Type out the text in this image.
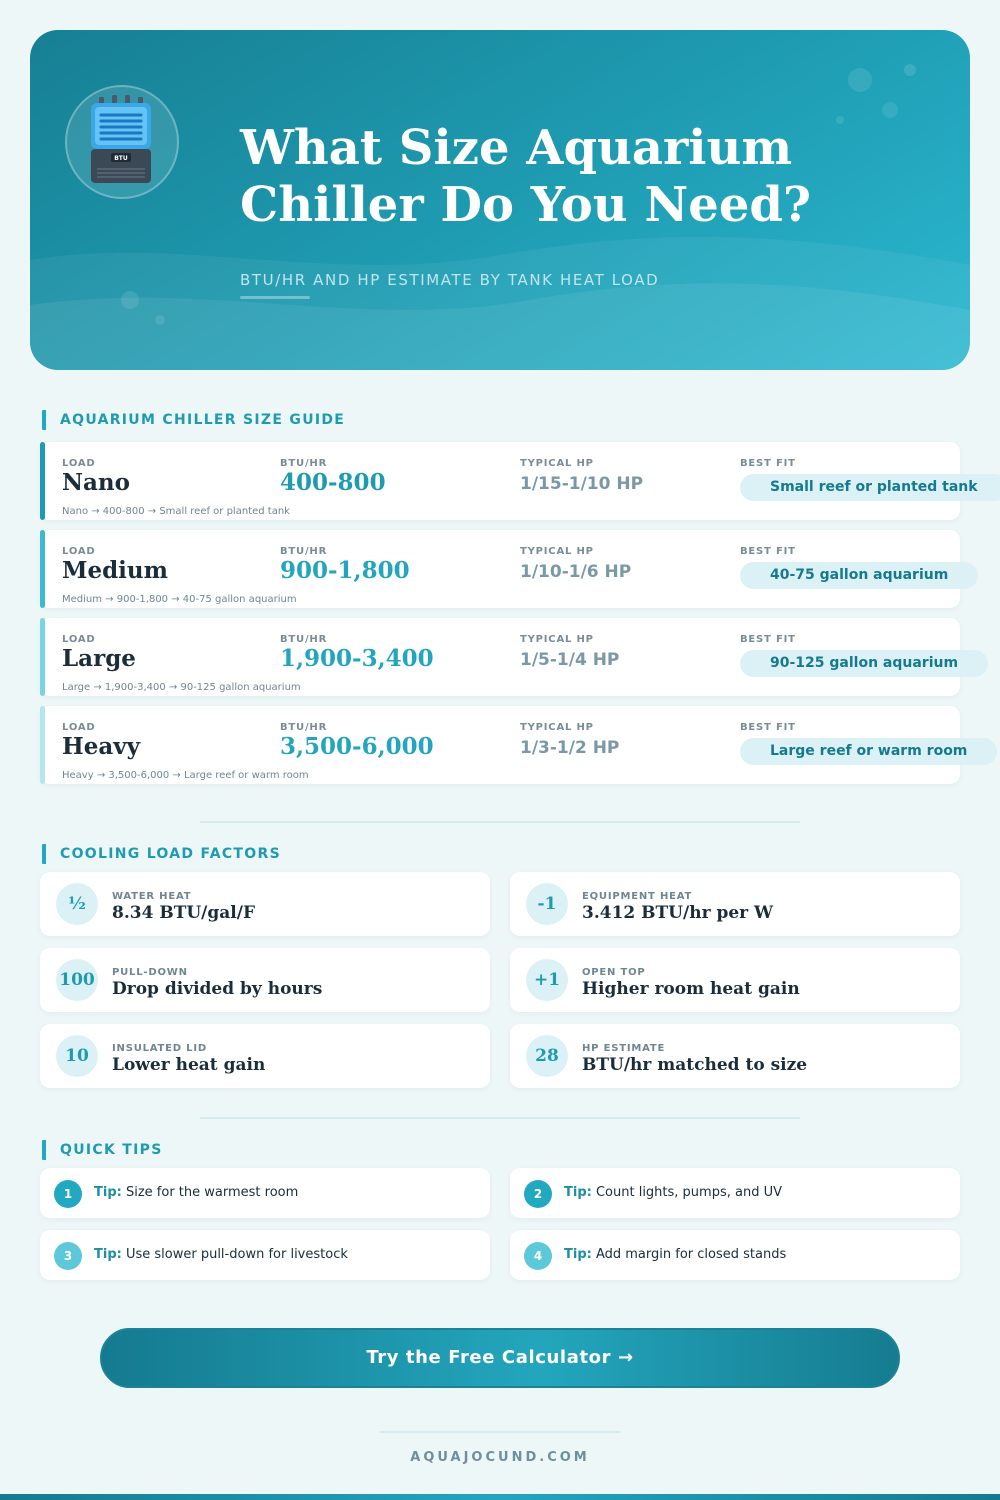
BTU What Size Aquarium
Chiller Do You Need?
BTU/HR AND HP ESTIMATE BY TANK HEAT LOAD
AQUARIUM CHILLER SIZE GUIDE
LOAD	BTU/HR	TYPICAL HP	BEST FIT
Nano	400-800	1/15-1/10 HP	Small reef or planted tank
Nano → 400-800 → Small reef or planted tank
LOAD	BTU/HR	TYPICAL HP	BEST FIT
Medium	900-1,800	1/10-1/6 HP	40-75 gallon aquarium
Medium → 900-1,800 → 40-75 gallon aquarium
LOAD	BTU/HR	TYPICAL HP	BEST FIT
Large	1,900-3,400	1/5-1/4 HP	90-125 gallon aquarium
Large → 1,900-3,400 → 90-125 gallon aquarium
LOAD	BTU/HR	TYPICAL HP	BEST FIT
Heavy	3,500-6,000	1/3-1/2 HP	Large reef or warm room
Heavy → 3,500-6,000 → Large reef or warm room
COOLING LOAD FACTORS
½	WATER HEAT
8.34 BTU/gal/F	-1	EQUIPMENT HEAT
3.412 BTU/hr per W
100	PULL-DOWN
Drop divided by hours	+1	OPEN TOP
Higher room heat gain
10	INSULATED LID
Lower heat gain	28	HP ESTIMATE
BTU/hr matched to size
QUICK TIPS
1	Tip: Size for the warmest room	2	Tip: Count lights, pumps, and UV
3	Tip: Use slower pull-down for livestock	4	Tip: Add margin for closed stands
Try the Free Calculator →
AQUAJOCUND.COM
